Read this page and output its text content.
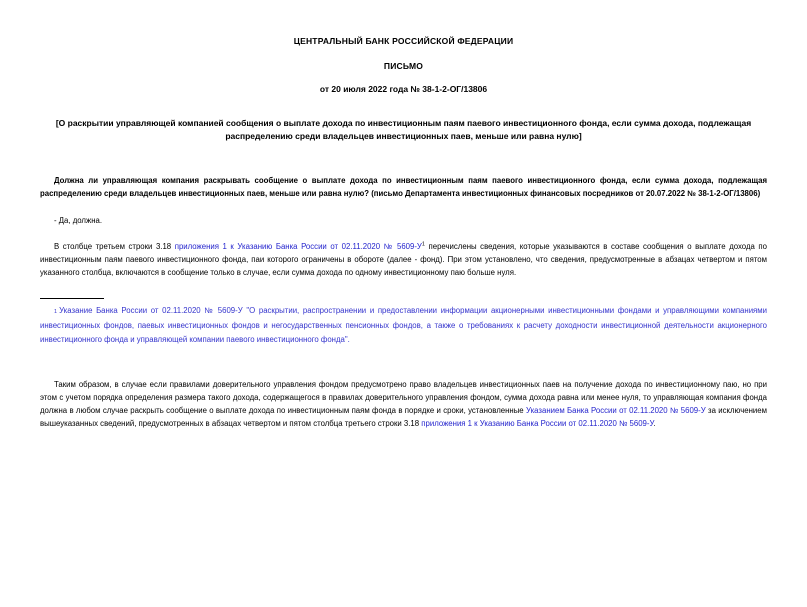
ЦЕНТРАЛЬНЫЙ БАНК РОССИЙСКОЙ ФЕДЕРАЦИИ
ПИСЬМО
от 20 июля 2022 года № 38-1-2-ОГ/13806
[О раскрытии управляющей компанией сообщения о выплате дохода по инвестиционным паям паевого инвестиционного фонда, если сумма дохода, подлежащая распределению среди владельцев инвестиционных паев, меньше или равна нулю]
Должна ли управляющая компания раскрывать сообщение о выплате дохода по инвестиционным паям паевого инвестиционного фонда, если сумма дохода, подлежащая распределению среди владельцев инвестиционных паев, меньше или равна нулю? (письмо Департамента инвестиционных финансовых посредников от 20.07.2022 № 38-1-2-ОГ/13806)
- Да, должна.
В столбце третьем строки 3.18 приложения 1 к Указанию Банка России от 02.11.2020 № 5609-У$^1$ перечислены сведения, которые указываются в составе сообщения о выплате дохода по инвестиционным паям паевого инвестиционного фонда, паи которого ограничены в обороте (далее - фонд). При этом установлено, что сведения, предусмотренные в абзацах четвертом и пятом указанного столбца, включаются в сообщение только в случае, если сумма дохода по одному инвестиционному паю больше нуля.
1 Указание Банка России от 02.11.2020 № 5609-У "О раскрытии, распространении и предоставлении информации акционерными инвестиционными фондами и управляющими компаниями инвестиционных фондов, паевых инвестиционных фондов и негосударственных пенсионных фондов, а также о требованиях к расчету доходности инвестиционной деятельности акционерного инвестиционного фонда и управляющей компании паевого инвестиционного фонда".
Таким образом, в случае если правилами доверительного управления фондом предусмотрено право владельцев инвестиционных паев на получение дохода по инвестиционному паю, но при этом с учетом порядка определения размера такого дохода, содержащегося в правилах доверительного управления фондом, сумма дохода равна или менее нуля, то управляющая компания фонда должна в любом случае раскрыть сообщение о выплате дохода по инвестиционным паям фонда в порядке и сроки, установленные Указанием Банка России от 02.11.2020 № 5609-У за исключением вышеуказанных сведений, предусмотренных в абзацах четвертом и пятом столбца третьего строки 3.18 приложения 1 к Указанию Банка России от 02.11.2020 № 5609-У.
